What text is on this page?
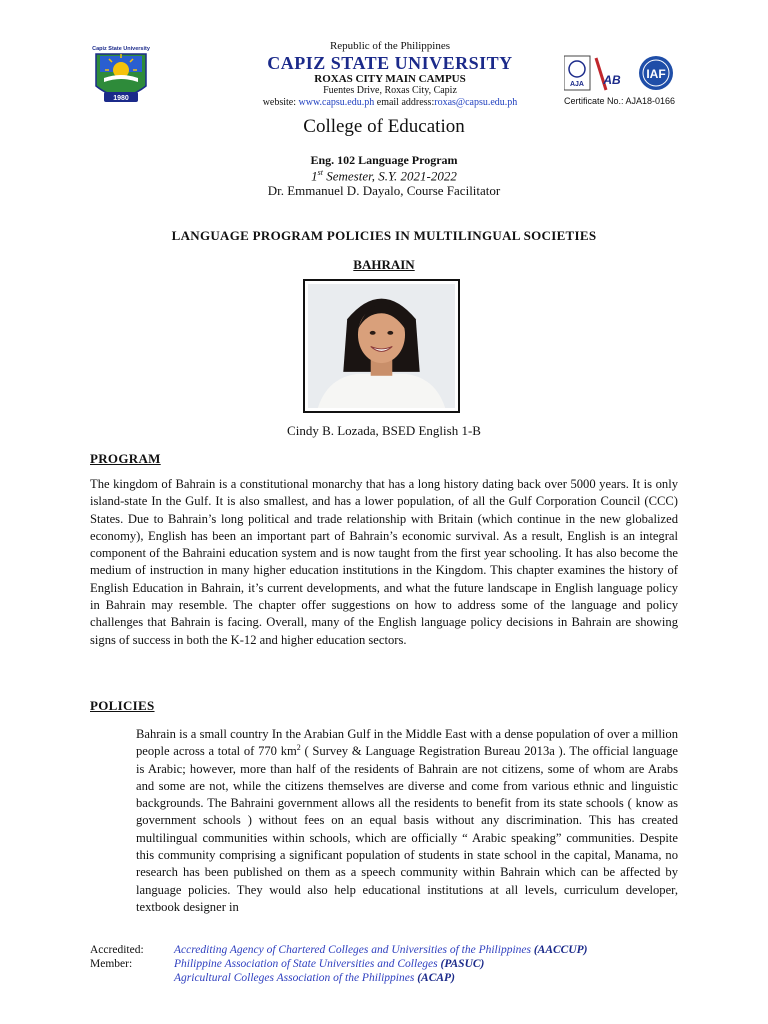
Capiz State University
1980
Republic of the Philippines
CAPIZ STATE UNIVERSITY
ROXAS CITY MAIN CAMPUS
Fuentes Drive, Roxas City, Capiz
website: www.capsu.edu.ph email address:roxas@capsu.edu.ph
AJA AB IAF
Certificate No.: AJA18-0166
College of Education
Eng. 102 Language Program
1st Semester, S.Y. 2021-2022
Dr. Emmanuel D. Dayalo, Course Facilitator
LANGUAGE PROGRAM POLICIES IN MULTILINGUAL SOCIETIES
BAHRAIN
Cindy B. Lozada, BSED English 1-B
PROGRAM
The kingdom of Bahrain is a constitutional monarchy that has a long history dating back over 5000 years. It is only island-state In the Gulf. It is also smallest, and has a lower population, of all the Gulf Corporation Council (CCC) States. Due to Bahrain’s long political and trade relationship with Britain (which continue in the new globalized economy), English has been an important part of Bahrain’s economic survival. As a result, English is an integral component of the Bahraini education system and is now taught from the first year schooling. It has also become the medium of instruction in many higher education institutions in the Kingdom. This chapter examines the history of English Education in Bahrain, it’s current developments, and what the future landscape in English language policy in Bahrain may resemble. The chapter offer suggestions on how to address some of the language and policy challenges that Bahrain is facing. Overall, many of the English language policy decisions in Bahrain are showing signs of success in both the K-12 and higher education sectors.
POLICIES
Bahrain is a small country In the Arabian Gulf in the Middle East with a dense population of over a million people across a total of 770 $km^2$ ( Survey & Language Registration Bureau 2013a ). The official language is Arabic; however, more than half of the residents of Bahrain are not citizens, some of whom are Arabs and some are not, while the citizens themselves are diverse and come from various ethnic and linguistic backgrounds. The Bahraini government allows all the residents to benefit from its state schools ( know as government schools ) without fees on an equal basis without any discrimination. This has created multilingual communities within schools, which are officially “ Arabic speaking” communities. Despite this community comprising a significant population of students in state school in the capital, Manama, no research has been published on them as a speech community within Bahrain which can be affected by language policies. They would also help educational institutions at all levels, curriculum developer, textbook designer in
Accredited:	Accrediting Agency of Chartered Colleges and Universities of the Philippines (AACCUP)
Member:	Philippine Association of State Universities and Colleges (PASUC)
Agricultural Colleges Association of the Philippines (ACAP)
